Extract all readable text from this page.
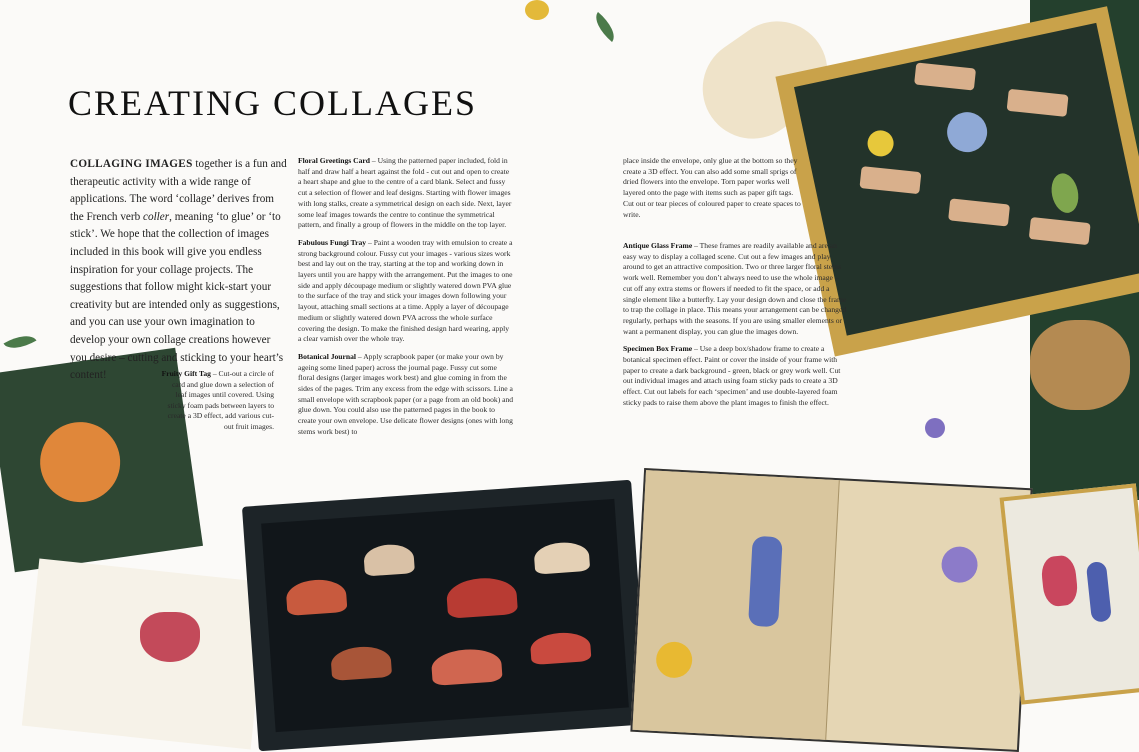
CREATING COLLAGES
COLLAGING IMAGES together is a fun and therapeutic activity with a wide range of applications. The word ‘collage’ derives from the French verb coller, meaning ‘to glue’ or ‘to stick’. We hope that the collection of images included in this book will give you endless inspiration for your collage projects. The suggestions that follow might kick-start your creativity but are intended only as suggestions, and you can use your own imagination to develop your own collage creations however you desire – cutting and sticking to your heart’s content!	Fruity Gift Tag – Cut-out a circle of card and glue down a selection of leaf images until covered. Using sticky foam pads between layers to create a 3D effect, add various cut-out fruit images.

Floral Greetings Card – Using the patterned paper included, fold in half and draw half a heart against the fold - cut out and open to create a heart shape and glue to the centre of a card blank. Select and fussy cut a selection of flower and leaf designs. Starting with flower images with long stalks, create a symmetrical design on each side. Next, layer some leaf images towards the centre to continue the symmetrical pattern, and finally a group of flowers in the middle on the top layer.

Fabulous Fungi Tray – Paint a wooden tray with emulsion to create a strong background colour. Fussy cut your images - various sizes work best and lay out on the tray, starting at the top and working down in layers until you are happy with the arrangement. Put the images to one side and apply découpage medium or slightly watered down PVA glue to the surface of the tray and stick your images down following your layout, attaching small sections at a time. Apply a layer of découpage medium or slightly watered down PVA across the whole surface covering the design. To make the finished design hard wearing, apply a clear varnish over the whole tray.

Botanical Journal – Apply scrapbook paper (or make your own by ageing some lined paper) across the journal page. Fussy cut some floral designs (larger images work best) and glue coming in from the sides of the pages. Trim any excess from the edge with scissors. Line a small envelope with scrapbook paper (or a page from an old book) and glue down. You could also use the patterned pages in the book to create your own envelope. Use delicate flower designs (ones with long stems work best) to

place inside the envelope, only glue at the bottom so they create a 3D effect. You can also add some small sprigs of dried flowers into the envelope. Torn paper works well layered onto the page with items such as paper gift tags. Cut out or tear pieces of coloured paper to create spaces to write.

Antique Glass Frame – These frames are readily available and are an easy way to display a collaged scene. Cut out a few images and play around to get an attractive composition. Two or three larger floral stems work well. Remember you don’t always need to use the whole image – cut off any extra stems or flowers if needed to fit the space, or add a single element like a butterfly. Lay your design down and close the frame to trap the collage in place. This means your arrangement can be changed regularly, perhaps with the seasons. If you are using smaller elements or want a permanent display, you can glue the images down.

Specimen Box Frame – Use a deep box/shadow frame to create a botanical specimen effect. Paint or cover the inside of your frame with paper to create a dark background - green, black or grey work well. Cut out individual images and attach using foam sticky pads to create a 3D effect. Cut out labels for each ‘specimen’ and use double-layered foam sticky pads to raise them above the plant images to finish the effect.
